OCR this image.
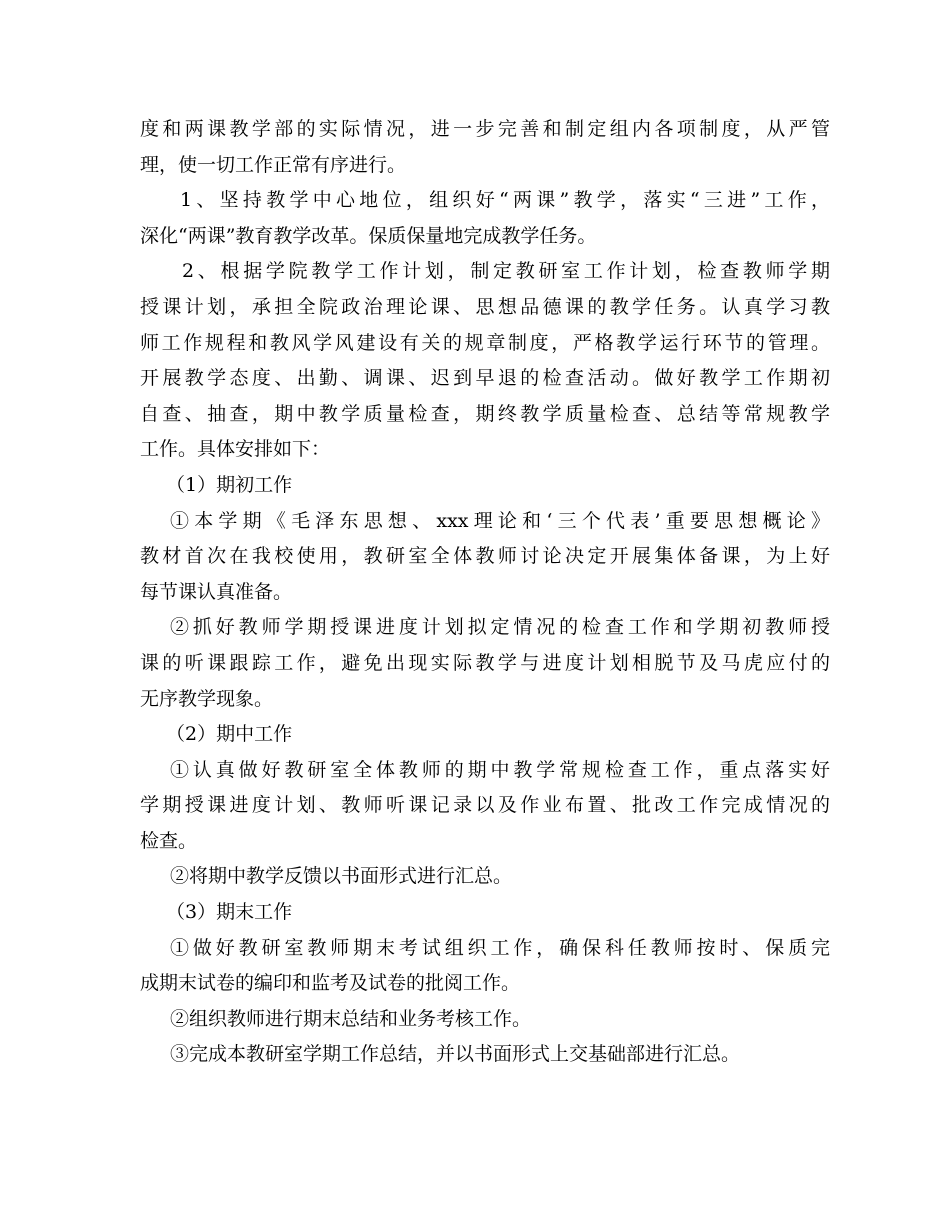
度和两课教学部的实际情况，进一步完善和制定组内各项制度，从严管
理，使一切工作正常有序进行。
1、坚持教学中心地位，组织好“两课”教学，落实“三进”工作，
深化“两课”教育教学改革。保质保量地完成教学任务。
2、根据学院教学工作计划，制定教研室工作计划，检查教师学期
授课计划，承担全院政治理论课、思想品德课的教学任务。认真学习教
师工作规程和教风学风建设有关的规章制度，严格教学运行环节的管理。
开展教学态度、出勤、调课、迟到早退的检查活动。做好教学工作期初
自查、抽查，期中教学质量检查，期终教学质量检查、总结等常规教学
工作。具体安排如下：
（1）期初工作
①本学期《毛泽东思想、xxx理论和‘三个代表’重要思想概论》
教材首次在我校使用，教研室全体教师讨论决定开展集体备课，为上好
每节课认真准备。
②抓好教师学期授课进度计划拟定情况的检查工作和学期初教师授
课的听课跟踪工作，避免出现实际教学与进度计划相脱节及马虎应付的
无序教学现象。
（2）期中工作
①认真做好教研室全体教师的期中教学常规检查工作，重点落实好
学期授课进度计划、教师听课记录以及作业布置、批改工作完成情况的
检查。
②将期中教学反馈以书面形式进行汇总。
（3）期末工作
①做好教研室教师期末考试组织工作，确保科任教师按时、保质完
成期末试卷的编印和监考及试卷的批阅工作。
②组织教师进行期末总结和业务考核工作。
③完成本教研室学期工作总结，并以书面形式上交基础部进行汇总。
